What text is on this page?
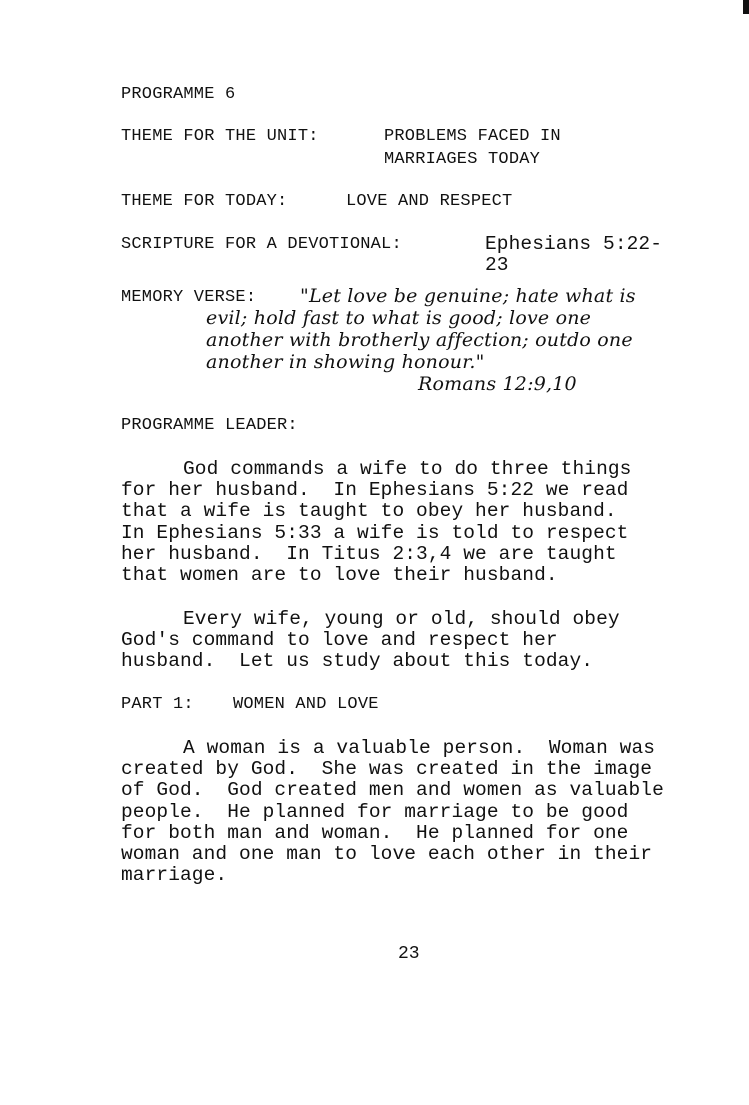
PROGRAMME 6
THEME FOR THE UNIT:	PROBLEMS FACED IN
MARRIAGES TODAY
THEME FOR TODAY:	LOVE AND RESPECT
SCRIPTURE FOR A DEVOTIONAL:	Ephesians 5:22-
23
MEMORY VERSE: "Let love be genuine; hate what is
evil; hold fast to what is good; love one
another with brotherly affection; outdo one
another in showing honour."
Romans 12:9,10
PROGRAMME LEADER:
God commands a wife to do three things
for her husband.  In Ephesians 5:22 we read
that a wife is taught to obey her husband.
In Ephesians 5:33 a wife is told to respect
her husband.  In Titus 2:3,4 we are taught
that women are to love their husband.
Every wife, young or old, should obey
God's command to love and respect her
husband.  Let us study about this today.
PART 1: WOMEN AND LOVE
A woman is a valuable person.  Woman was
created by God.  She was created in the image
of God.  God created men and women as valuable
people.  He planned for marriage to be good
for both man and woman.  He planned for one
woman and one man to love each other in their
marriage.
23
